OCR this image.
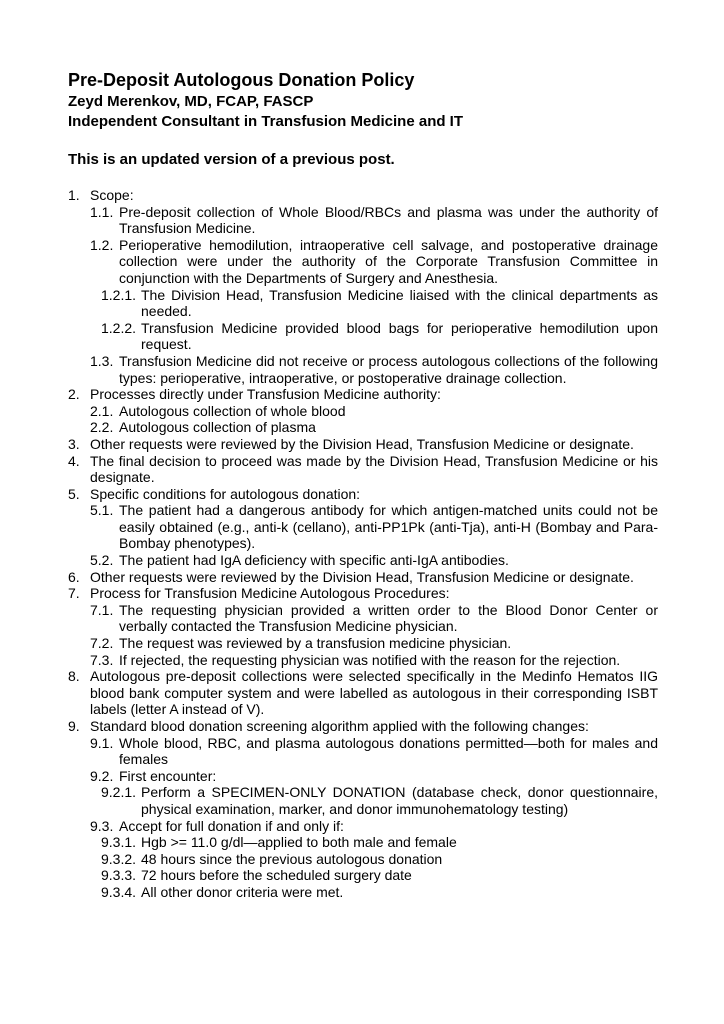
Pre-Deposit Autologous Donation Policy
Zeyd Merenkov, MD, FCAP, FASCP
Independent Consultant in Transfusion Medicine and IT
This is an updated version of a previous post.
1. Scope:
1.1. Pre-deposit collection of Whole Blood/RBCs and plasma was under the authority of Transfusion Medicine.
1.2. Perioperative hemodilution, intraoperative cell salvage, and postoperative drainage collection were under the authority of the Corporate Transfusion Committee in conjunction with the Departments of Surgery and Anesthesia.
1.2.1. The Division Head, Transfusion Medicine liaised with the clinical departments as needed.
1.2.2. Transfusion Medicine provided blood bags for perioperative hemodilution upon request.
1.3. Transfusion Medicine did not receive or process autologous collections of the following types: perioperative, intraoperative, or postoperative drainage collection.
2. Processes directly under Transfusion Medicine authority:
2.1. Autologous collection of whole blood
2.2. Autologous collection of plasma
3. Other requests were reviewed by the Division Head, Transfusion Medicine or designate.
4. The final decision to proceed was made by the Division Head, Transfusion Medicine or his designate.
5. Specific conditions for autologous donation:
5.1. The patient had a dangerous antibody for which antigen-matched units could not be easily obtained (e.g., anti-k (cellano), anti-PP1Pk (anti-Tja), anti-H (Bombay and Para-Bombay phenotypes).
5.2. The patient had IgA deficiency with specific anti-IgA antibodies.
6. Other requests were reviewed by the Division Head, Transfusion Medicine or designate.
7. Process for Transfusion Medicine Autologous Procedures:
7.1. The requesting physician provided a written order to the Blood Donor Center or verbally contacted the Transfusion Medicine physician.
7.2. The request was reviewed by a transfusion medicine physician.
7.3. If rejected, the requesting physician was notified with the reason for the rejection.
8. Autologous pre-deposit collections were selected specifically in the Medinfo Hematos IIG blood bank computer system and were labelled as autologous in their corresponding ISBT labels (letter A instead of V).
9. Standard blood donation screening algorithm applied with the following changes:
9.1. Whole blood, RBC, and plasma autologous donations permitted—both for males and females
9.2. First encounter:
9.2.1. Perform a SPECIMEN-ONLY DONATION (database check, donor questionnaire, physical examination, marker, and donor immunohematology testing)
9.3. Accept for full donation if and only if:
9.3.1. Hgb >= 11.0 g/dl—applied to both male and female
9.3.2. 48 hours since the previous autologous donation
9.3.3. 72 hours before the scheduled surgery date
9.3.4. All other donor criteria were met.
